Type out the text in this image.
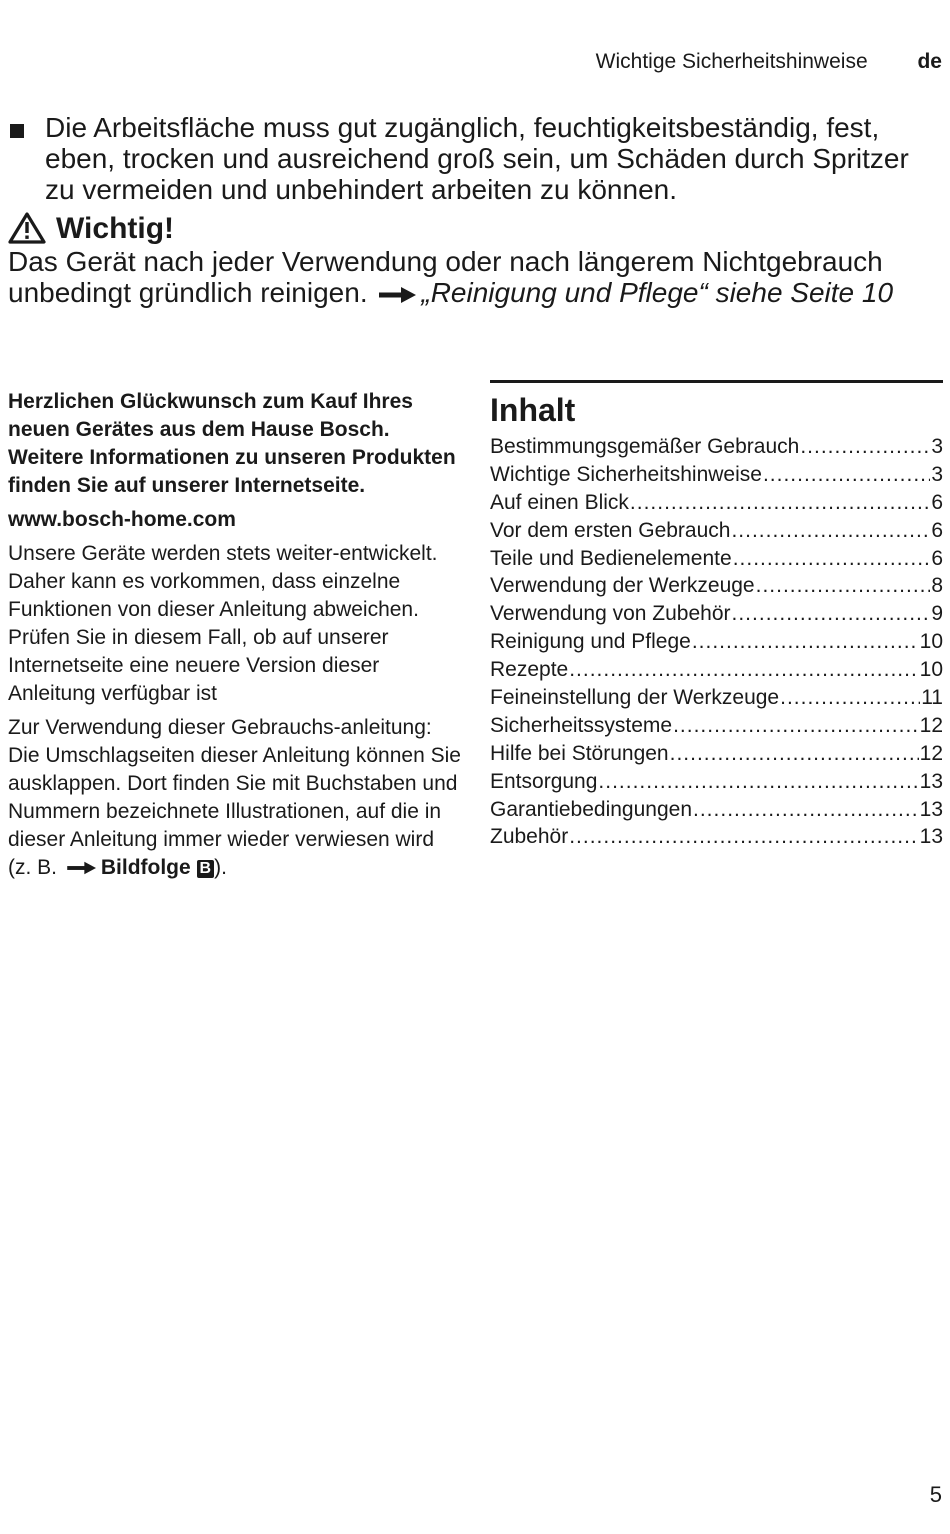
Wichtige Sicherheitshinweise de
Die Arbeitsfläche muss gut zugänglich, feuchtigkeitsbeständig, fest, eben, trocken und ausreichend groß sein, um Schäden durch Spritzer zu vermeiden und unbehindert arbeiten zu können.
Wichtig!
Das Gerät nach jeder Verwendung oder nach längerem Nichtgebrauch unbedingt gründlich reinigen. „Reinigung und Pflege“ siehe Seite 10

Herzlichen Glückwunsch zum Kauf Ihres neuen Gerätes aus dem Hause Bosch. Weitere Informationen zu unseren Produkten finden Sie auf unserer Internetseite.

www.bosch-home.com

Unsere Geräte werden stets weiter-entwickelt. Daher kann es vorkommen, dass einzelne Funktionen von dieser Anleitung abweichen. Prüfen Sie in diesem Fall, ob auf unserer Internetseite eine neuere Version dieser Anleitung verfügbar ist

Zur Verwendung dieser Gebrauchs-anleitung: Die Umschlagseiten dieser Anleitung können Sie ausklappen. Dort finden Sie mit Buchstaben und Nummern bezeichnete Illustrationen, auf die in dieser Anleitung immer wieder verwiesen wird
(z. B. Bildfolge B ).

Inhalt
Bestimmungsgemäßer Gebrauch .....	3
Wichtige Sicherheitshinweise .....	3
Auf einen Blick .....	6
Vor dem ersten Gebrauch .....	6
Teile und Bedienelemente .....	6
Verwendung der Werkzeuge .....	8
Verwendung von Zubehör .....	9
Reinigung und Pflege .....	10
Rezepte .....	10
Feineinstellung der Werkzeuge .....	11
Sicherheitssysteme .....	12
Hilfe bei Störungen .....	12
Entsorgung .....	13
Garantiebedingungen .....	13
Zubehör .....	13
5
